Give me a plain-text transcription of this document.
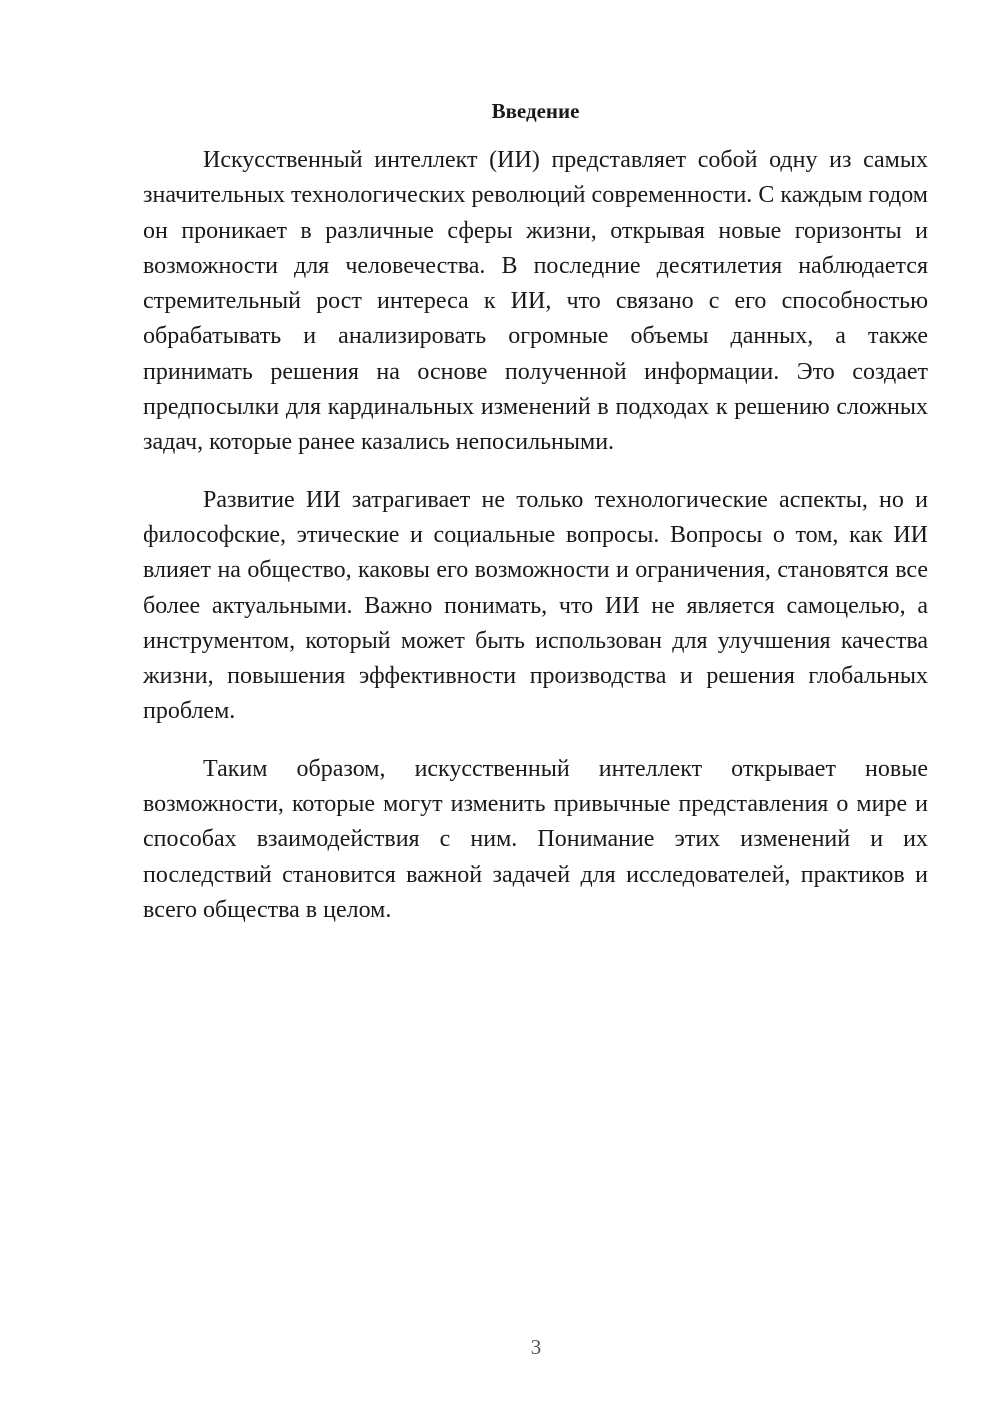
Введение

Искусственный интеллект (ИИ) представляет собой одну из самых значительных технологических революций современности. С каждым годом он проникает в различные сферы жизни, открывая новые горизонты и возможности для человечества. В последние десятилетия наблюдается стремительный рост интереса к ИИ, что связано с его способностью обрабатывать и анализировать огромные объемы данных, а также принимать решения на основе полученной информации. Это создает предпосылки для кардинальных изменений в подходах к решению сложных задач, которые ранее казались непосильными.

Развитие ИИ затрагивает не только технологические аспекты, но и философские, этические и социальные вопросы. Вопросы о том, как ИИ влияет на общество, каковы его возможности и ограничения, становятся все более актуальными. Важно понимать, что ИИ не является самоцелью, а инструментом, который может быть использован для улучшения качества жизни, повышения эффективности производства и решения глобальных проблем.

Таким образом, искусственный интеллект открывает новые возможности, которые могут изменить привычные представления о мире и способах взаимодействия с ним. Понимание этих изменений и их последствий становится важной задачей для исследователей, практиков и всего общества в целом.

3
